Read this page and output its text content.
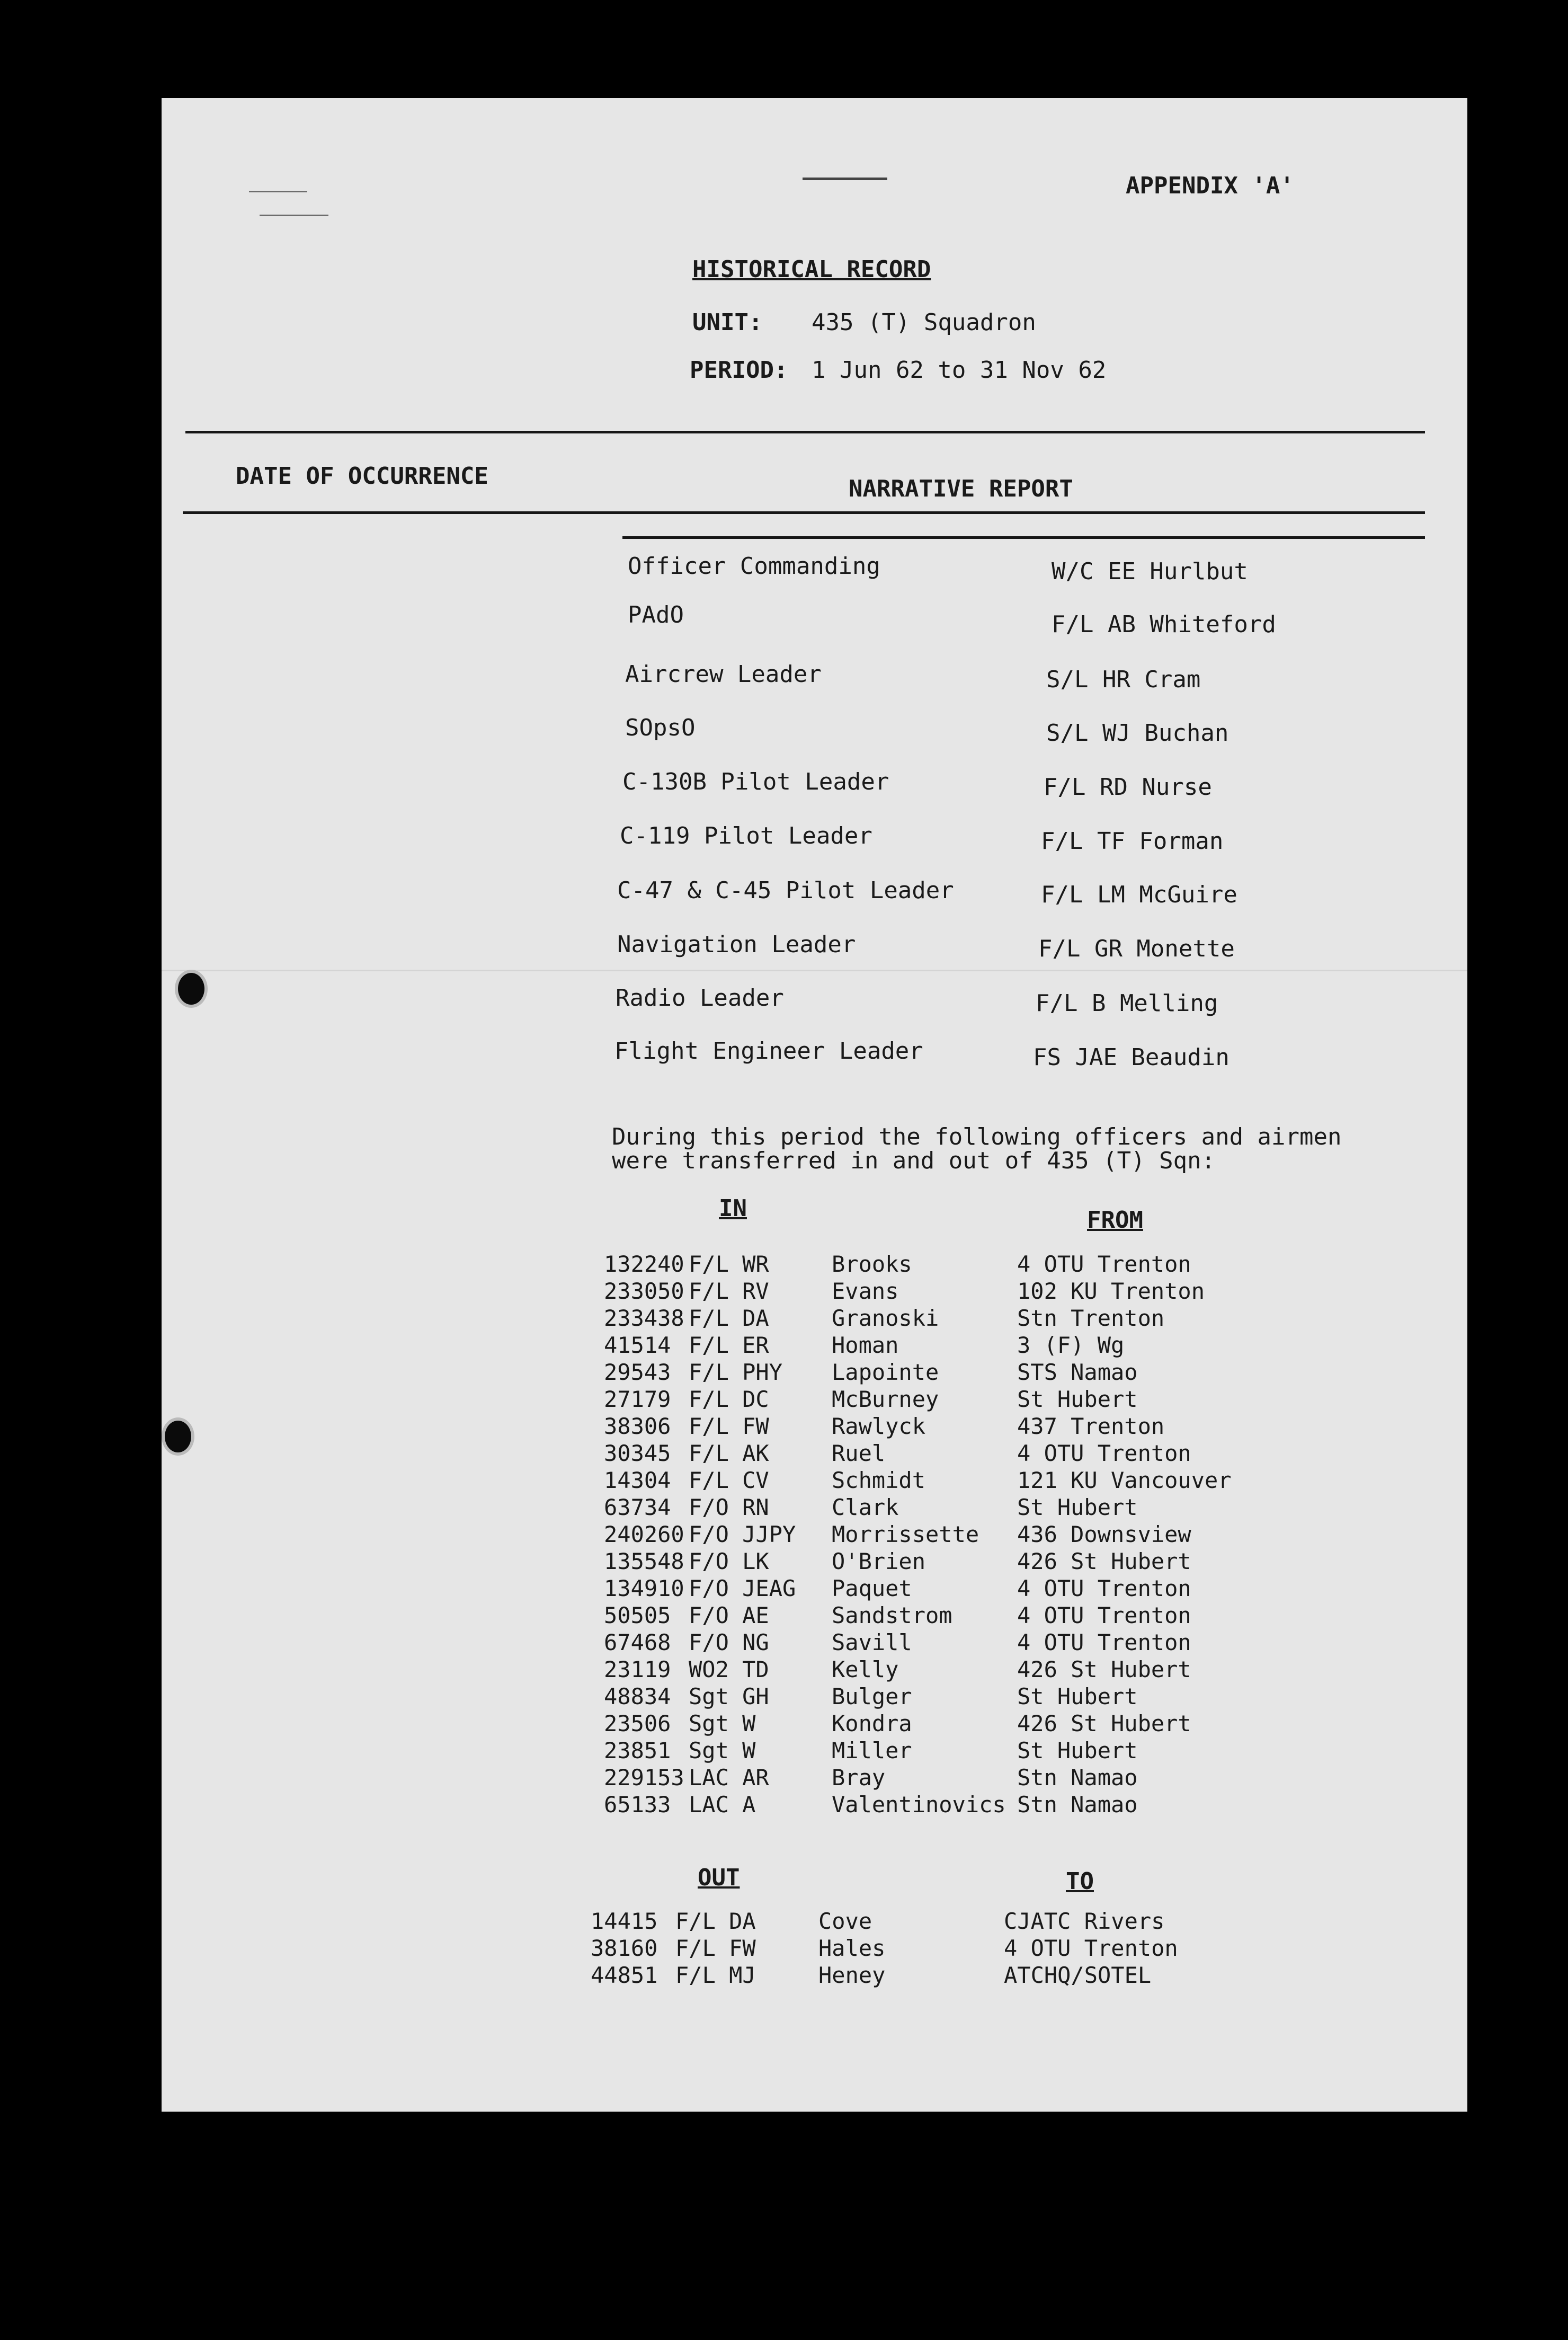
APPENDIX 'A'
HISTORICAL RECORD
UNIT: 435 (T) Squadron
PERIOD: 1 Jun 62 to 31 Nov 62
DATE OF OCCURRENCE	NARRATIVE REPORT
Officer Commanding	W/C EE Hurlbut
PAdO	F/L AB Whiteford
Aircrew Leader	S/L HR Cram
SOpsO	S/L WJ Buchan
C-130B Pilot Leader	F/L RD Nurse
C-119 Pilot Leader	F/L TF Forman
C-47 & C-45 Pilot Leader	F/L LM McGuire
Navigation Leader	F/L GR Monette
Radio Leader	F/L B Melling
Flight Engineer Leader	FS JAE Beaudin
During this period the following officers and airmen
were transferred in and out of 435 (T) Sqn:
IN	FROM
132240 F/L WR	Brooks	4 OTU Trenton
233050 F/L RV	Evans	102 KU Trenton
233438 F/L DA	Granoski	Stn Trenton
41514 F/L ER	Homan	3 (F) Wg
29543 F/L PHY	Lapointe	STS Namao
27179 F/L DC	McBurney	St Hubert
38306 F/L FW	Rawlyck	437 Trenton
30345 F/L AK	Ruel	4 OTU Trenton
14304 F/L CV	Schmidt	121 KU Vancouver
63734 F/O RN	Clark	St Hubert
240260 F/O JJPY	Morrissette	436 Downsview
135548 F/O LK	O'Brien	426 St Hubert
134910 F/O JEAG	Paquet	4 OTU Trenton
50505 F/O AE	Sandstrom	4 OTU Trenton
67468 F/O NG	Savill	4 OTU Trenton
23119 WO2 TD	Kelly	426 St Hubert
48834 Sgt GH	Bulger	St Hubert
23506 Sgt W	Kondra	426 St Hubert
23851 Sgt W	Miller	St Hubert
229153 LAC AR	Bray	Stn Namao
65133 LAC A	Valentinovics Stn Namao
OUT	TO
14415 F/L DA	Cove	CJATC Rivers
38160 F/L FW	Hales	4 OTU Trenton
44851 F/L MJ	Heney	ATCHQ/SOTEL
